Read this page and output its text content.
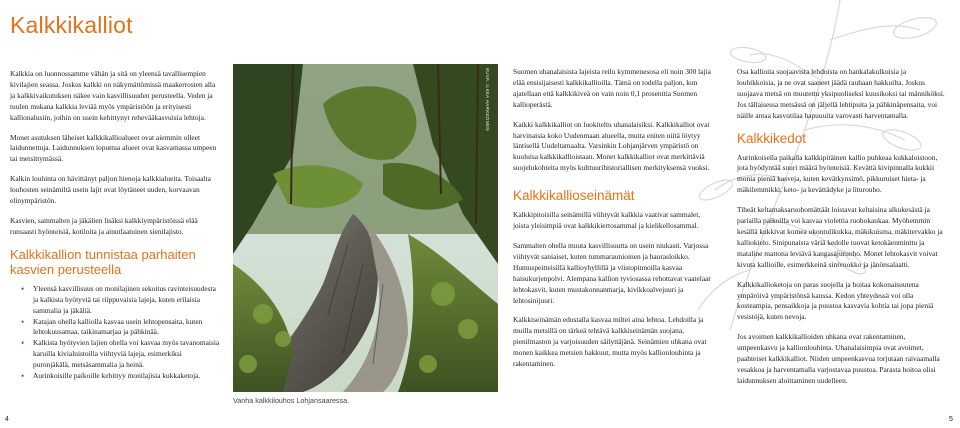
Kalkkikalliot

Kalkkia on luonnossamme vähän ja sitä on yleensä tavallisempien kivilajien seassa. Joskus kalkki on näkymättömissä maakerrosten alla ja kalkkivaikutuksen näkee vain kasvillisuuden perusteella. Veden ja tuulen mukana kalkkia leviää myös ympäristöön ja erityisesti kallionalusiin, joihin on usein kehittynyt rehevääkasvuisia lehtoja.

Monet asutuksen läheiset kalkkikallioalueet ovat aiemmin olleet laidunnettuja. Laidunnuksen loputtua alueet ovat kasvamassa umpeen tai metsittymässä.

Kalkin louhinta on hävittänyt paljon hienoja kalkkialueita. Toisaalta louhosten seinämiltä usein lajit ovat löytäneet uuden, korvaavan elinympäristön.

Kasvien, sammalten ja jäkälien lisäksi kalkkiympäristöissä elää runsaasti hyönteisiä, kotiloita ja ainutlaatuinen sienilajisto.

Kalkkikallion tunnistaa parhaiten kasvien perusteella
• Yleensä kasvillisuus on monilajinen sekoitus ravinteisuudesta ja kalkista hyötyviä tai riippuvaisia lajeja, kuten erilaisia sammalia ja jäkäliä.
• Katajan ohella kalliolla kasvaa usein lehtopensaita, kuten lehtokuusamaa, taikinamarjaa ja pähkinää.
• Kalkista hyötyvien lajien ohella voi kasvaa myös tavanomaisia karuilla kivialuistoilla viihtyviä lajeja, esimerkiksi puronjäkälä, metsäsammalia ja heinä.
• Aurinkoisille paikoille kehittyy monilajisia kukkaketoja.
KUVA: ILKKA HARKKONEN
Vanha kalkkilouhos Lohjansaaressa.

Suomen uhanalaisista lajeista reilu kymmenesosa eli noin 300 lajia elää ensisijaisesti kalkkikallioilla. Tämä on todella paljon, kun ajatellaan että kalkkikiveä on vain noin 0,1 prosenttia Suomen kallioperästä.

Kaikki kalkkikalliot on luokiteltu uhanalaisiksi. Kalkkikalliot ovat harvinaisia koko Uudenmaan alueella, mutta eniten niitä löytyy läntisellä Uudeltamaalta. Varsinkin Lohjanjärven ympäristö on kuuluisa kalkkikallioistaan. Monet kalkkikalliot ovat merkittäviä suojelukohteita myös kulttuurihistoriallisen merkityksensä vuoksi.

Kalkkikallioseinämät

Kalkkipitoisilla seinämillä viihtyvät kalkkia vaativat sammalet, joista yleisimpiä ovat kalkkikiertosammal ja kielikellosammal.

Sammalten ohella muuta kasvillisuutta on usein niukasti. Varjossa viihtyvät saniaiset, kuten tummaraunioinen ja haurasloikko. Humuspeitteisillä kallioyhyllillä ja viistopinnoilla kasvaa haisukurjenpolvi. Alempana kallion tyviosassa rehottavat vaatelaat lehtokasvit, kuten mustakonnanmarja, kivikkoalvejuuri ja lehtosinijuuri.

Kalkkiseinämän edustalla kasvaa miltei aina lehtoa. Lehdoilla ja muilla metsillä on tärkeä tehtävä kalkkiseinämän suojana, pienilmaston ja varjoisuuden säilyttäjänä. Seinämien uhkana ovat monen kaikkea metsien hakkuut, mutta myös kallionlouhinta ja rakentaminen.

Osa kallioita suojaavista lehdoista on hankalakulkuisia ja louhikkoisia, ja ne ovat saaneet jäädä rauhaan hakkuilta. Joskus suojaava metsä on muutettu yksipuoliseksi kuusikoksi tai männiköksi. Jos tällaisessa metsässä on jäljellä lehtipuita ja pähkinäpensaita, voi näille antaa kasvutilaa hapuuuita varovasti harventamalla.

Kalkkikedot

Aurinkoisella paikalla kalkkipitäinen kallio puhkeaa kukkaloistoon, jota hyödyntää suuri määrä hyönteisiä. Kevättä kivipinnalla kukkii monia pieniä kasveja, kuten kevätkynsimö, pikkuruiset hieta- ja mäkilemmikki, keto- ja kevättädyke ja liturouho.

Tiheät keltamaksaruohomättäät loistavat keltaisina alkukesästä ja pariailla paikoilla voi kasvaa violettia ruohokaukaa. Myöhemmin kesällä kukkivat komea ukontulikukka, mäkikuisma, mäkitervakko ja kalliokielo. Sinipunaista väriä kedolle tuovat ketokäenminttu ja mataline mattona leviävä kangasajuruoho. Monet lehtokasvit voivat kivuta kallioille, esimerkkeinä sinivuokko ja jänönsalaatti.

Kalkkikallioketoja on paras suojella ja hoitaa kokonaisuutena ympäröivä ympäristönsä kanssa. Kedon yhteydessä voi olla kosteampia, pensaikkoja ja puustoa kasvavia kohtia tai jopa pieniä vesistöjä, kuten nevoja.

Jos avoimen kalkkikallioiden uhkana ovat rakentaminen, umpeenkasvu ja kallionlouhinta. Uhanalaisimpia ovat avoimet, paahteiset kalkkikalliot. Niiden umpeenkasvua torjutaan raivaamalla vesakkoa ja harventamalla varjostavaa puustoa. Parasta hoitoa olisi laidunnuksen aloittaminen uudelleen.

4	5
